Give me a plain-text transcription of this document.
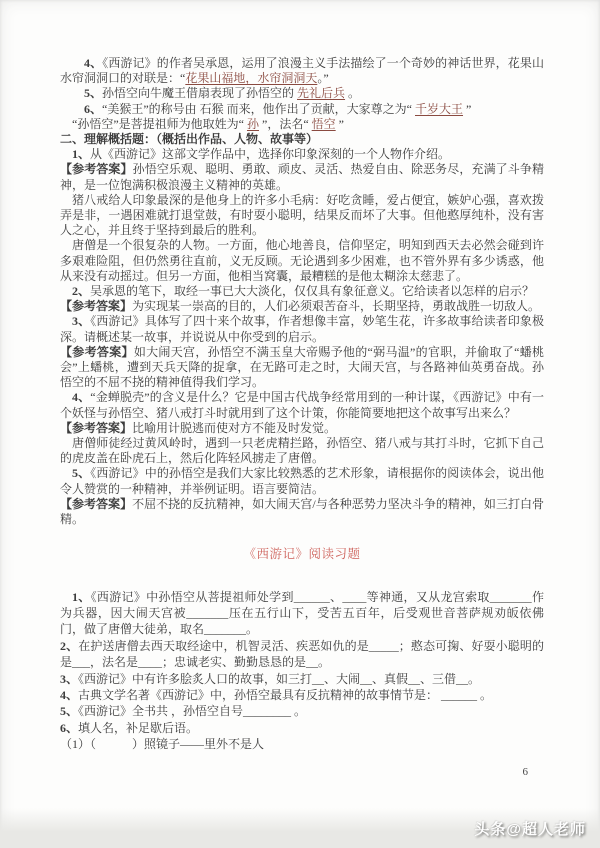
4、《西游记》的作者吴承恩，运用了浪漫主义手法描绘了一个奇妙的神话世界，花果山水帘洞洞口的对联是：“花果山福地，水帘洞洞天。”

5、孙悟空向牛魔王借扇表现了孙悟空的 先礼后兵 。

6、“美猴王”的称号由 石猴 而来，他作出了贡献，大家尊之为“ 千岁大王 ”

“孙悟空”是菩提祖师为他取姓为“ 孙 ”，法名“ 悟空 ”

二、理解概括题：（概括出作品、人物、故事等）

1、从《西游记》这部文学作品中，选择你印象深刻的一个人物作介绍。

【参考答案】孙悟空乐观、聪明、勇敢、顽皮、灵活、热爱自由、除恶务尽，充满了斗争精神，是一位饱满积极浪漫主义精神的英雄。

猪八戒给人印象最深的是他身上的许多小毛病：好吃贪睡，爱占便宜，嫉妒心强，喜欢拨弄是非，一遇困难就打退堂鼓，有时耍小聪明，结果反而坏了大事。但他憨厚纯朴，没有害人之心，并且终于坚持到最后的胜利。

唐僧是一个很复杂的人物。一方面，他心地善良，信仰坚定，明知到西天去必然会碰到许多艰难险阻，但仍然勇往直前，义无反顾。无论遇到多少困难，也不管外界有多少诱惑，他从来没有动摇过。但另一方面，他相当窝囊，最糟糕的是他太糊涂太慈悲了。

2、吴承恩的笔下，取经一事已大大淡化，仅仅具有象征意义。它给读者以怎样的启示？

【参考答案】为实现某一崇高的目的，人们必须艰苦奋斗，长期坚持，勇敢战胜一切敌人。

3、《西游记》具体写了四十来个故事，作者想像丰富，妙笔生花，许多故事给读者印象极深。请概述某一故事，并说说从中你受到的启示。

【参考答案】如大闹天宫，孙悟空不满玉皇大帝赐予他的“弼马温”的官职，并偷取了“蟠桃会”上蟠桃，遭到天兵天降的捉拿，在无路可走之时，大闹天宫，与各路神仙英勇奋战。孙悟空的不屈不挠的精神值得我们学习。

4、“金蝉脱壳”的含义是什么？它是中国古代战争经常用到的一种计谋，《西游记》中有一个妖怪与孙悟空、猪八戒打斗时就用到了这个计策，你能简要地把这个故事写出来么？

【参考答案】比喻用计脱逃而使对方不能及时发觉。

唐僧师徒经过黄风岭时，遇到一只老虎精拦路，孙悟空、猪八戒与其打斗时，它抓下自己的虎皮盖在卧虎石上，然后化阵轻风掳走了唐僧。

5、《西游记》中的孙悟空是我们大家比较熟悉的艺术形象，请根据你的阅读体会，说出他令人赞赏的一种精神，并举例证明。语言要简洁。

【参考答案】不屈不挠的反抗精神，如大闹天宫/与各种恶势力坚决斗争的精神，如三打白骨精。

《西游记》阅读习题

1、《西游记》中孙悟空从菩提祖师处学到______、____等神通，又从龙宫索取_______作为兵器，因大闹天宫被_______压在五行山下，受苦五百年，后受观世音菩萨规劝皈依佛门，做了唐僧大徒弟，取名_______。

2、在护送唐僧去西天取经途中，机智灵活、疾恶如仇的是_____；憨态可掬、好耍小聪明的是___，法名是____；忠诚老实、勤勤恳恳的是__。

3、《西游记》中有许多脍炙人口的故事，如三打__、大闹__、真假__、三借__。

4、古典文学名著《西游记》中，孙悟空最具有反抗精神的故事情节是： ______ 。

5、《西游记》全书共 ，孙悟空自号________ 。

6、填人名，补足歇后语。

（1）（　　　）照镜子——里外不是人

6
头条@超人老师
